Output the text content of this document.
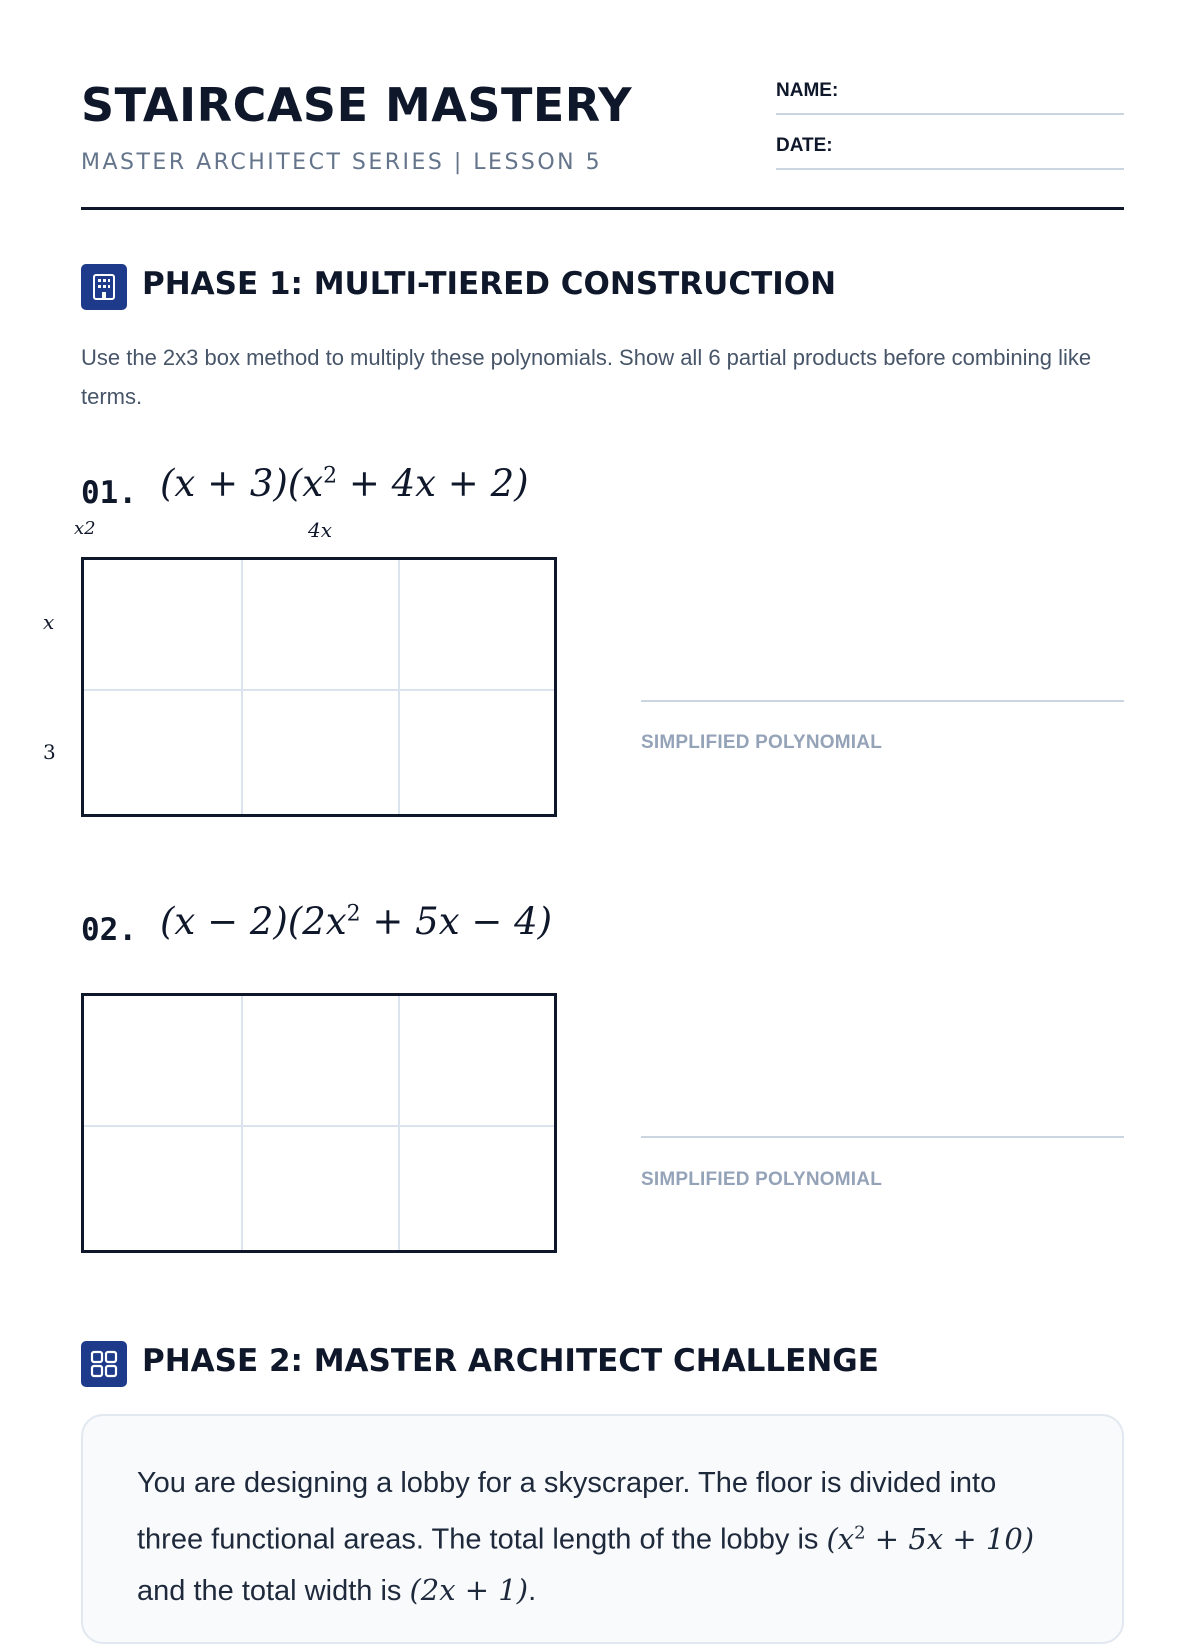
STAIRCASE MASTERY

MASTER ARCHITECT SERIES | LESSON 5

NAME:
DATE:
PHASE 1: MULTI-TIERED CONSTRUCTION

Use the 2x3 box method to multiply these polynomials. Show all 6 partial products before combining like terms.

01. $(x + 3)(x^2 + 4x + 2)$
x2	4x
x
3	SIMPLIFIED POLYNOMIAL
02. $(x - 2)(2x^2 + 5x - 4)$
SIMPLIFIED POLYNOMIAL
PHASE 2: MASTER ARCHITECT CHALLENGE

You are designing a lobby for a skyscraper. The floor is divided into three functional areas. The total length of the lobby is $(x^2 + 5x + 10)$ and the total width is (2x + 1).
